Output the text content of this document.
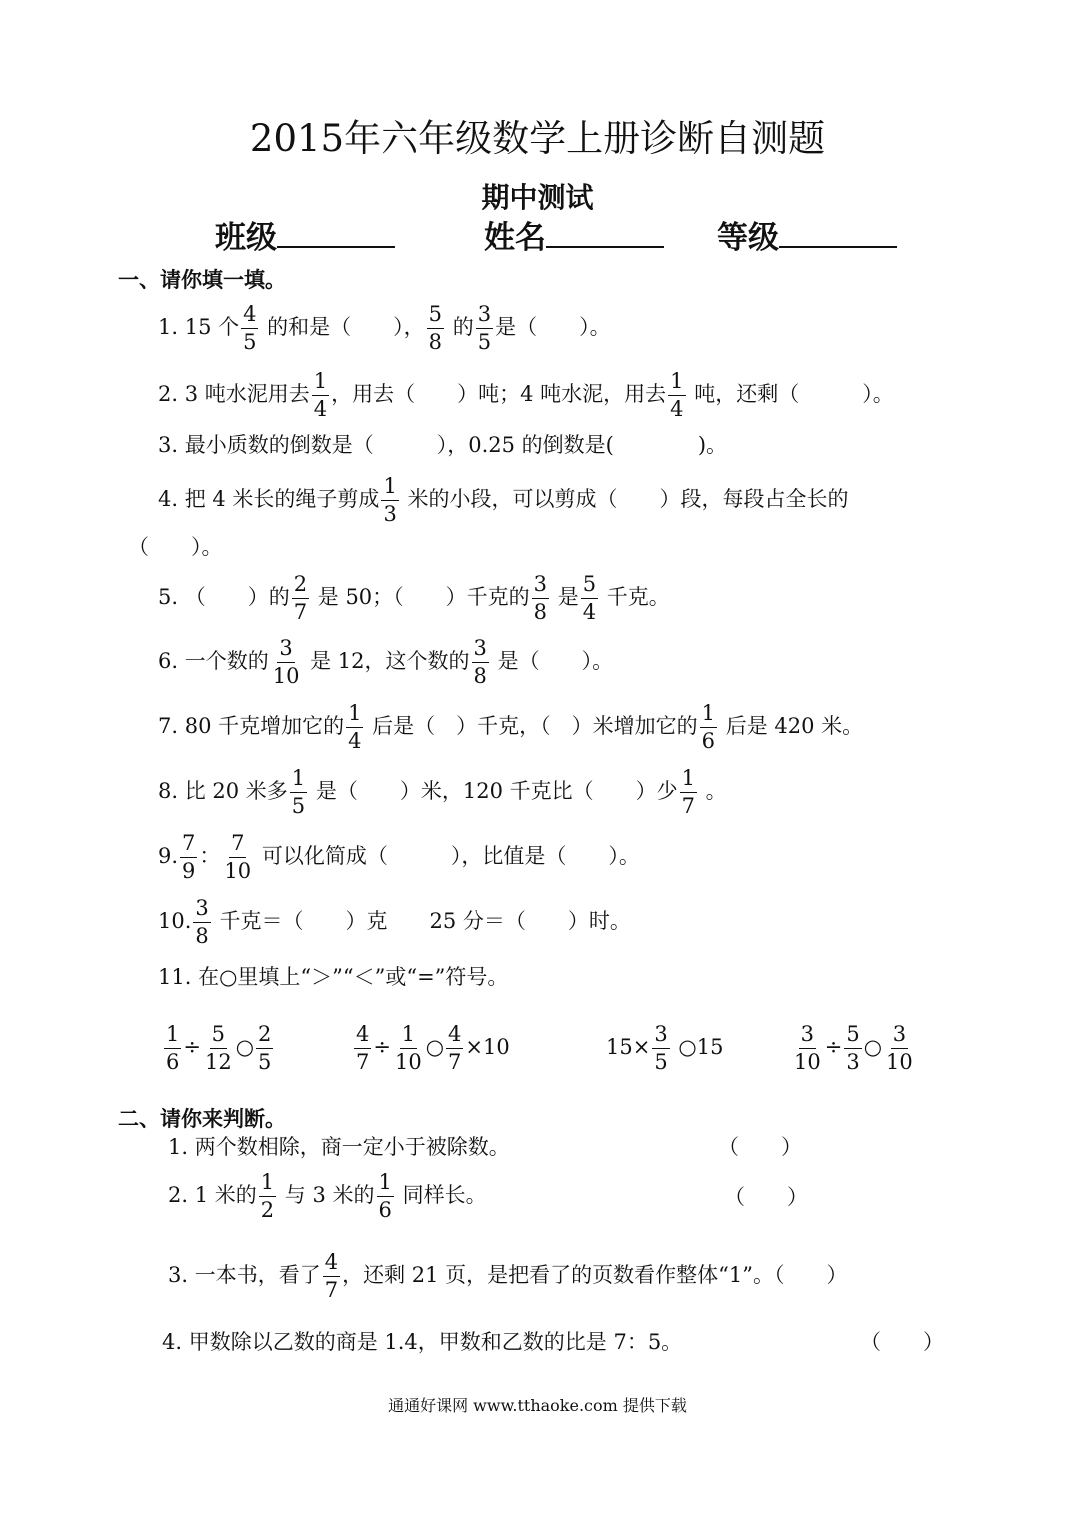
2015年六年级数学上册诊断自测题
期中测试
班级	姓名	等级
一、请你填一填。
1. 15 个 $\frac{4}{5}$ 的和是（　　）， $\frac{5}{8}$ 的 $\frac{3}{5}$ 是（　　）。
2. 3 吨水泥用去 $\frac{1}{4}$ ，用去（　　）吨；4 吨水泥，用去 $\frac{1}{4}$ 吨，还剩（　　　）。
3. 最小质数的倒数是（　　　），0.25 的倒数是(　　　　)。
4. 把 4 米长的绳子剪成 $\frac{1}{3}$ 米的小段，可以剪成（　　）段，每段占全长的
（　　）。
5. （　　）的 $\frac{2}{7}$ 是 50；（　　）千克的 $\frac{3}{8}$ 是 $\frac{5}{4}$ 千克。
6. 一个数的 $\frac{3}{10}$ 是 12，这个数的 $\frac{3}{8}$ 是（　　）。
7. 80 千克增加它的 $\frac{1}{4}$ 后是（　）千克，（　）米增加它的 $\frac{1}{6}$ 后是 420 米。
8. 比 20 米多 $\frac{1}{5}$ 是（　　）米，120 千克比（　　）少 $\frac{1}{7}$ 。
9. $\frac{7}{9}$ ： $\frac{7}{10}$ 可以化简成（　　　），比值是（　　）。
10. $\frac{3}{8}$ 千克＝（　　）克　　25 分＝（　　）时。
11. 在○里填上“＞”“＜”或“=”符号。
$\frac{1}{6} \div \frac{5}{12}$ ○ $\frac{2}{5}$	$\frac{4}{7} \div \frac{1}{10}$ ○ $\frac{4}{7} \times 10$	$15\times \frac{3}{5}$ ○15	$\frac{3}{10} \div \frac{5}{3}$ ○ $\frac{3}{10}$
二、请你来判断。
1. 两个数相除，商一定小于被除数。	（　　）
2. 1 米的 $\frac{1}{2}$ 与 3 米的 $\frac{1}{6}$ 同样长。	（　　）
3. 一本书，看了 $\frac{4}{7}$ ，还剩 21 页，是把看了的页数看作整体“1”。（　　）
4. 甲数除以乙数的商是 1.4，甲数和乙数的比是 7：5。	（　　）
通通好课网 www.tthaoke.com 提供下载
